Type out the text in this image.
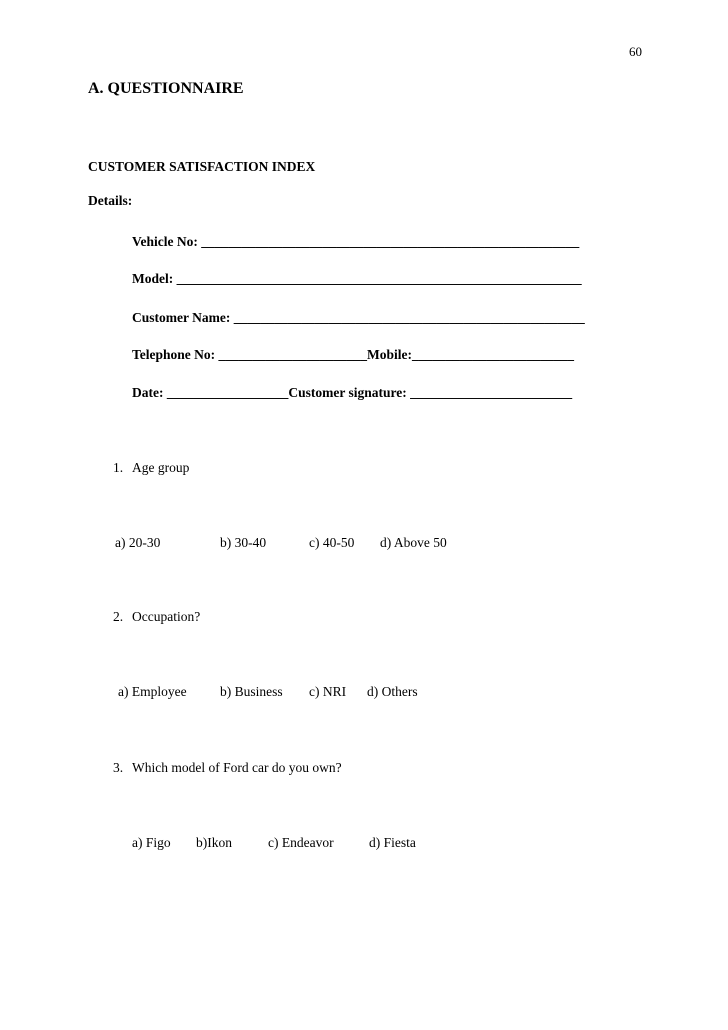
60
A. QUESTIONNAIRE
CUSTOMER SATISFACTION INDEX
Details:
Vehicle No: ________________________________________________________
Model: ____________________________________________________________
Customer Name: ____________________________________________________
Telephone No: ______________________Mobile:________________________
Date: __________________Customer signature: ________________________
1. Age group
a) 20-30	b) 30-40	c) 40-50 d) Above 50
2. Occupation?
a) Employee b) Business c) NRI d) Others
3. Which model of Ford car do you own?
a) Figo b)Ikon	c) Endeavor	d) Fiesta
